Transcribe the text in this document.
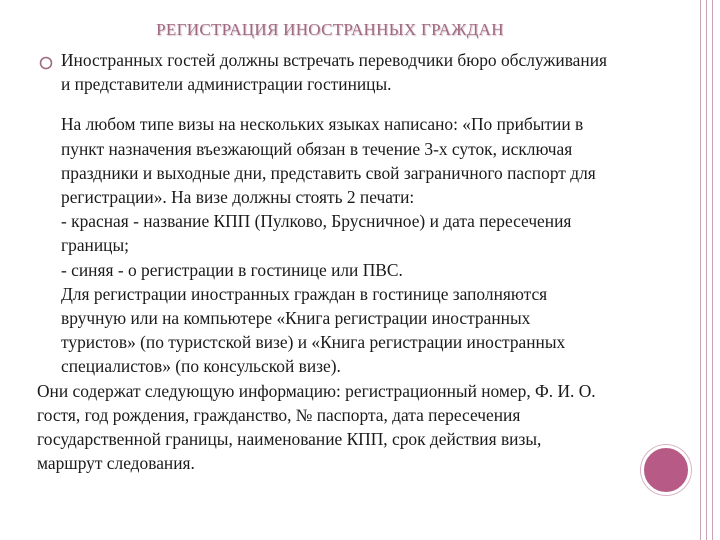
РЕГИСТРАЦИЯ ИНОСТРАННЫХ ГРАЖДАН
Иностранных гостей должны встречать переводчики бюро обслуживания
и представители администрации гостиницы.
На любом типе визы на нескольких языках написано: «По прибытии в
пункт назначения въезжающий обязан в течение 3-х суток, исключая
праздники и выходные дни, представить свой заграничного паспорт для
регистрации». На визе должны стоять 2 печати:
- красная - название КПП (Пулково, Брусничное) и дата пересечения
границы;
- синяя - о регистрации в гостинице или ПВС.
Для регистрации иностранных граждан в гостинице заполняются
вручную или на компьютере «Книга регистрации иностранных
туристов» (по туристской визе) и «Книга регистрации иностранных
специалистов» (по консульской визе).
Они содержат следующую информацию: регистрационный номер, Ф. И. О.
гостя, год рождения, гражданство, № паспорта, дата пересечения
государственной границы, наименование КПП, срок действия визы,
маршрут следования.
